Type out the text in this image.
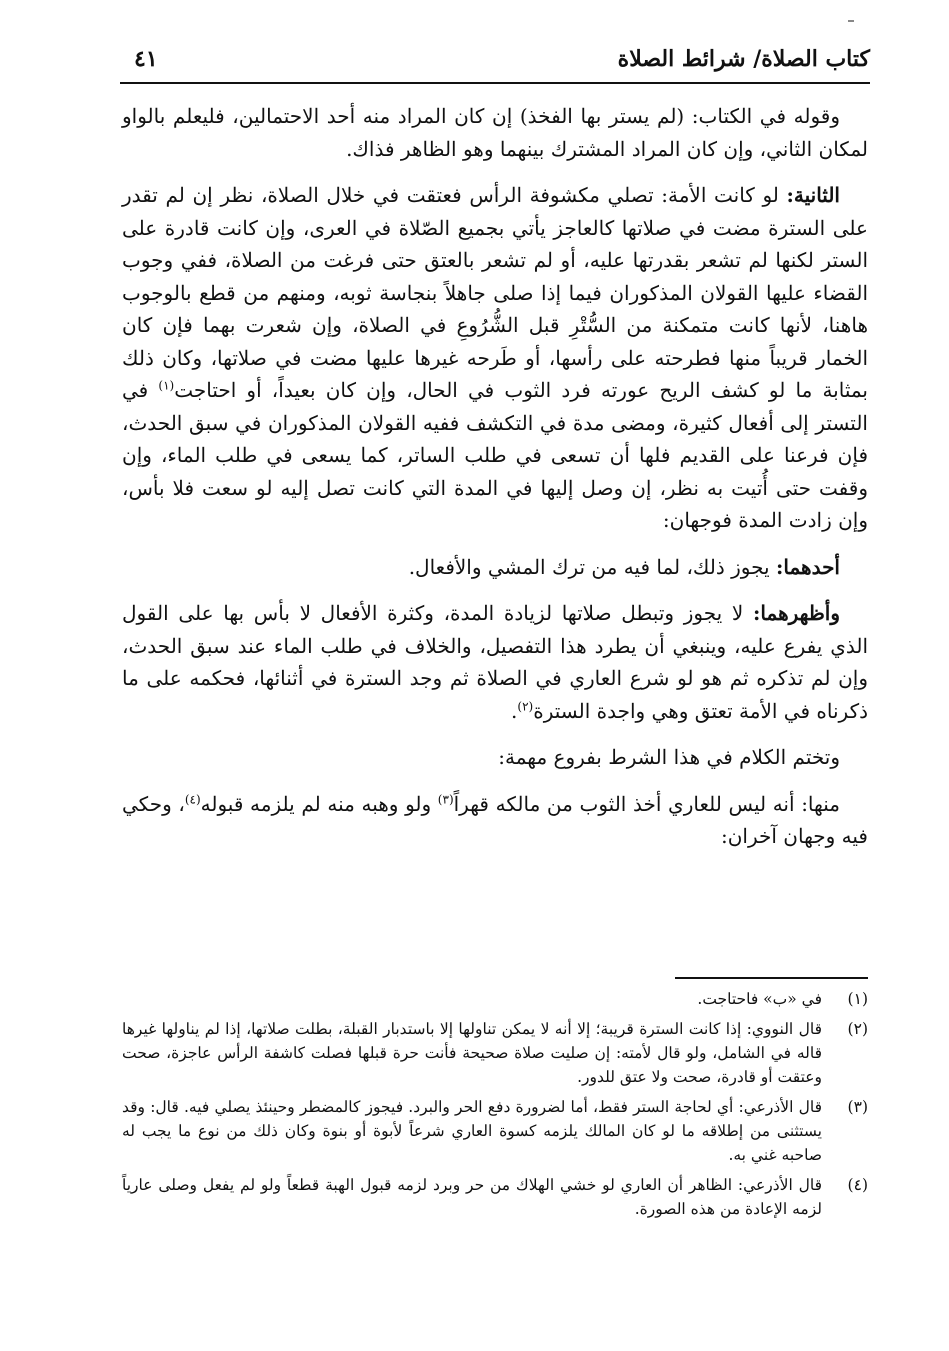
كتاب الصلاة/ شرائط الصلاة
٤١

وقوله في الكتاب: (لم يستر بها الفخذ) إن كان المراد منه أحد الاحتمالين، فليعلم بالواو لمكان الثاني، وإن كان المراد المشترك بينهما وهو الظاهر فذاك.

الثانية: لو كانت الأمة: تصلي مكشوفة الرأس فعتقت في خلال الصلاة، نظر إن لم تقدر على السترة مضت في صلاتها كالعاجز يأتي بجميع الصّلاة في العرى، وإن كانت قادرة على الستر لكنها لم تشعر بقدرتها عليه، أو لم تشعر بالعتق حتى فرغت من الصلاة، ففي وجوب القضاء عليها القولان المذكوران فيما إذا صلى جاهلاً بنجاسة ثوبه، ومنهم من قطع بالوجوب هاهنا، لأنها كانت متمكنة من السُّتْرِ قبل الشُّرُوعِ في الصلاة، وإن شعرت بهما فإن كان الخمار قريباً منها فطرحته على رأسها، أو طَرحه غيرها عليها مضت في صلاتها، وكان ذلك بمثابة ما لو كشف الريح عورته فرد الثوب في الحال، وإن كان بعيداً، أو احتاجت$^{(١)}$ في التستر إلى أفعال كثيرة، ومضى مدة في التكشف ففيه القولان المذكوران في سبق الحدث، فإن فرعنا على القديم فلها أن تسعى في طلب الساتر، كما يسعى في طلب الماء، وإن وقفت حتى أُتيت به نظر، إن وصل إليها في المدة التي كانت تصل إليه لو سعت فلا بأس، وإن زادت المدة فوجهان:

أحدهما: يجوز ذلك، لما فيه من ترك المشي والأفعال.

وأظهرهما: لا يجوز وتبطل صلاتها لزيادة المدة، وكثرة الأفعال لا بأس بها على القول الذي يفرع عليه، وينبغي أن يطرد هذا التفصيل، والخلاف في طلب الماء عند سبق الحدث، وإن لم تذكره ثم هو لو شرع العاري في الصلاة ثم وجد السترة في أثنائها، فحكمه على ما ذكرناه في الأمة تعتق وهي واجدة السترة$^{(٢)}$.

وتختم الكلام في هذا الشرط بفروع مهمة:

منها: أنه ليس للعاري أخذ الثوب من مالكه قهراً$^{(٣)}$ ولو وهبه منه لم يلزمه قبوله$^{(٤)}$، وحكي فيه وجهان آخران:

(١)
في «ب» فاحتاجت.
(٢)
قال النووي: إذا كانت السترة قريبة؛ إلا أنه لا يمكن تناولها إلا باستدبار القبلة، بطلت صلاتها، إذا لم يناولها غيرها قاله في الشامل، ولو قال لأمته: إن صليت صلاة صحيحة فأنت حرة قبلها فصلت كاشفة الرأس عاجزة، صحت وعتقت أو قادرة، صحت ولا عتق للدور.
(٣)
قال الأذرعي: أي لحاجة الستر فقط، أما لضرورة دفع الحر والبرد. فيجوز كالمضطر وحينئذ يصلي فيه. قال: وقد يستثنى من إطلاقه ما لو كان المالك يلزمه كسوة العاري شرعاً لأبوة أو بنوة وكان ذلك من نوع ما يجب له صاحبه غني به.
(٤)
قال الأذرعي: الظاهر أن العاري لو خشي الهلاك من حر وبرد لزمه قبول الهبة قطعاً ولو لم يفعل وصلى عارياً لزمه الإعادة من هذه الصورة.
